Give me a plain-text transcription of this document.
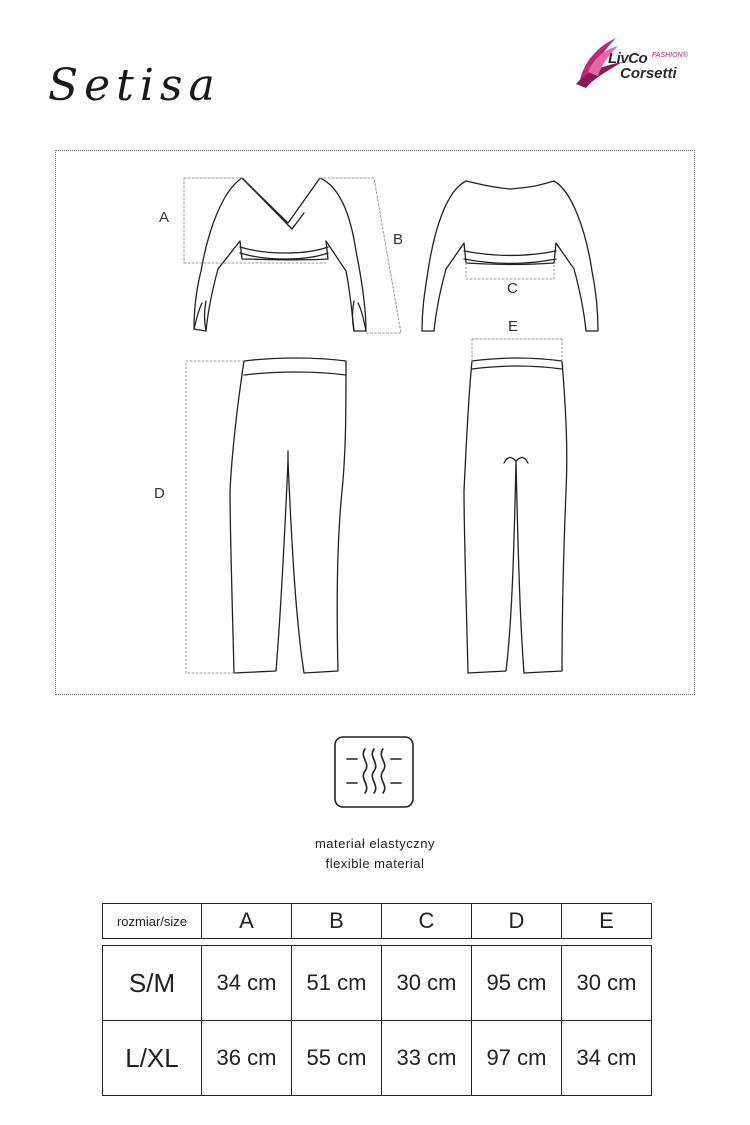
Setisa
LivCo FASHION®
Corsetti
A
B
C
D
E
materiał elastyczny
flexible material
rozmiar/size	A	B	C	D	E

S/M	34 cm	51 cm	30 cm	95 cm	30 cm
L/XL	36 cm	55 cm	33 cm	97 cm	34 cm
